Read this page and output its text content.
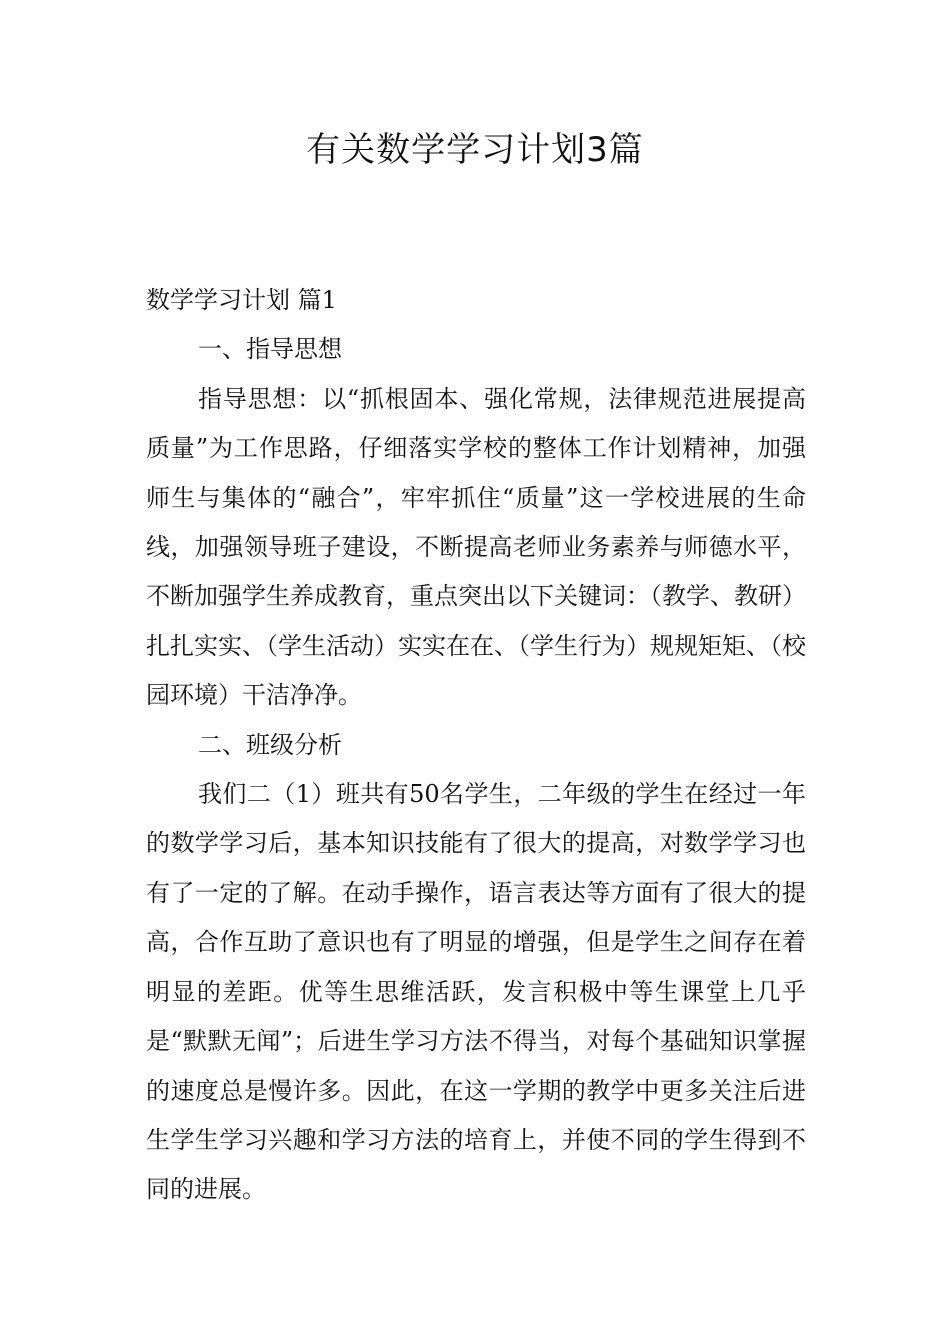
有关数学学习计划3篇

数学学习计划 篇1

一、指导思想

指导思想：以“抓根固本、强化常规，法律规范进展提高质量”为工作思路，仔细落实学校的整体工作计划精神，加强师生与集体的“融合”，牢牢抓住“质量”这一学校进展的生命线，加强领导班子建设，不断提高老师业务素养与师德水平，不断加强学生养成教育，重点突出以下关键词：（教学、教研）扎扎实实、（学生活动）实实在在、（学生行为）规规矩矩、（校园环境）干洁净净。

二、班级分析

我们二（1）班共有50名学生，二年级的学生在经过一年的数学学习后，基本知识技能有了很大的提高，对数学学习也有了一定的了解。在动手操作，语言表达等方面有了很大的提高，合作互助了意识也有了明显的增强，但是学生之间存在着明显的差距。优等生思维活跃，发言积极中等生课堂上几乎是“默默无闻”；后进生学习方法不得当，对每个基础知识掌握的速度总是慢许多。因此，在这一学期的教学中更多关注后进生学生学习兴趣和学习方法的培育上，并使不同的学生得到不同的进展。
